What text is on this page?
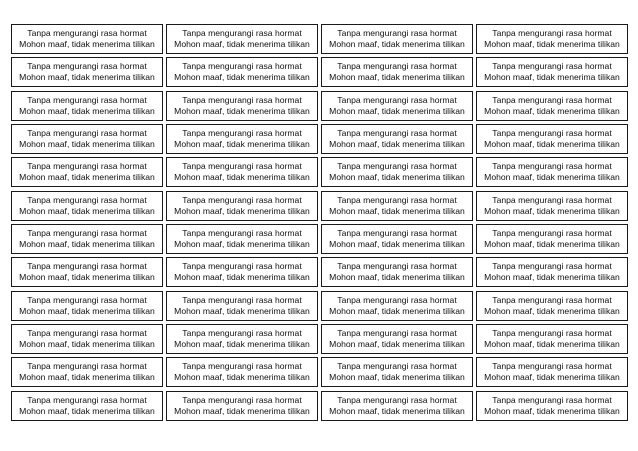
Tanpa mengurangi rasa hormat
Mohon maaf, tidak menerima tilikan
Tanpa mengurangi rasa hormat
Mohon maaf, tidak menerima tilikan
Tanpa mengurangi rasa hormat
Mohon maaf, tidak menerima tilikan
Tanpa mengurangi rasa hormat
Mohon maaf, tidak menerima tilikan
Tanpa mengurangi rasa hormat
Mohon maaf, tidak menerima tilikan
Tanpa mengurangi rasa hormat
Mohon maaf, tidak menerima tilikan
Tanpa mengurangi rasa hormat
Mohon maaf, tidak menerima tilikan
Tanpa mengurangi rasa hormat
Mohon maaf, tidak menerima tilikan
Tanpa mengurangi rasa hormat
Mohon maaf, tidak menerima tilikan
Tanpa mengurangi rasa hormat
Mohon maaf, tidak menerima tilikan
Tanpa mengurangi rasa hormat
Mohon maaf, tidak menerima tilikan
Tanpa mengurangi rasa hormat
Mohon maaf, tidak menerima tilikan
Tanpa mengurangi rasa hormat
Mohon maaf, tidak menerima tilikan
Tanpa mengurangi rasa hormat
Mohon maaf, tidak menerima tilikan
Tanpa mengurangi rasa hormat
Mohon maaf, tidak menerima tilikan
Tanpa mengurangi rasa hormat
Mohon maaf, tidak menerima tilikan
Tanpa mengurangi rasa hormat
Mohon maaf, tidak menerima tilikan
Tanpa mengurangi rasa hormat
Mohon maaf, tidak menerima tilikan
Tanpa mengurangi rasa hormat
Mohon maaf, tidak menerima tilikan
Tanpa mengurangi rasa hormat
Mohon maaf, tidak menerima tilikan
Tanpa mengurangi rasa hormat
Mohon maaf, tidak menerima tilikan
Tanpa mengurangi rasa hormat
Mohon maaf, tidak menerima tilikan
Tanpa mengurangi rasa hormat
Mohon maaf, tidak menerima tilikan
Tanpa mengurangi rasa hormat
Mohon maaf, tidak menerima tilikan
Tanpa mengurangi rasa hormat
Mohon maaf, tidak menerima tilikan
Tanpa mengurangi rasa hormat
Mohon maaf, tidak menerima tilikan
Tanpa mengurangi rasa hormat
Mohon maaf, tidak menerima tilikan
Tanpa mengurangi rasa hormat
Mohon maaf, tidak menerima tilikan
Tanpa mengurangi rasa hormat
Mohon maaf, tidak menerima tilikan
Tanpa mengurangi rasa hormat
Mohon maaf, tidak menerima tilikan
Tanpa mengurangi rasa hormat
Mohon maaf, tidak menerima tilikan
Tanpa mengurangi rasa hormat
Mohon maaf, tidak menerima tilikan
Tanpa mengurangi rasa hormat
Mohon maaf, tidak menerima tilikan
Tanpa mengurangi rasa hormat
Mohon maaf, tidak menerima tilikan
Tanpa mengurangi rasa hormat
Mohon maaf, tidak menerima tilikan
Tanpa mengurangi rasa hormat
Mohon maaf, tidak menerima tilikan
Tanpa mengurangi rasa hormat
Mohon maaf, tidak menerima tilikan
Tanpa mengurangi rasa hormat
Mohon maaf, tidak menerima tilikan
Tanpa mengurangi rasa hormat
Mohon maaf, tidak menerima tilikan
Tanpa mengurangi rasa hormat
Mohon maaf, tidak menerima tilikan
Tanpa mengurangi rasa hormat
Mohon maaf, tidak menerima tilikan
Tanpa mengurangi rasa hormat
Mohon maaf, tidak menerima tilikan
Tanpa mengurangi rasa hormat
Mohon maaf, tidak menerima tilikan
Tanpa mengurangi rasa hormat
Mohon maaf, tidak menerima tilikan
Tanpa mengurangi rasa hormat
Mohon maaf, tidak menerima tilikan
Tanpa mengurangi rasa hormat
Mohon maaf, tidak menerima tilikan
Tanpa mengurangi rasa hormat
Mohon maaf, tidak menerima tilikan
Tanpa mengurangi rasa hormat
Mohon maaf, tidak menerima tilikan
